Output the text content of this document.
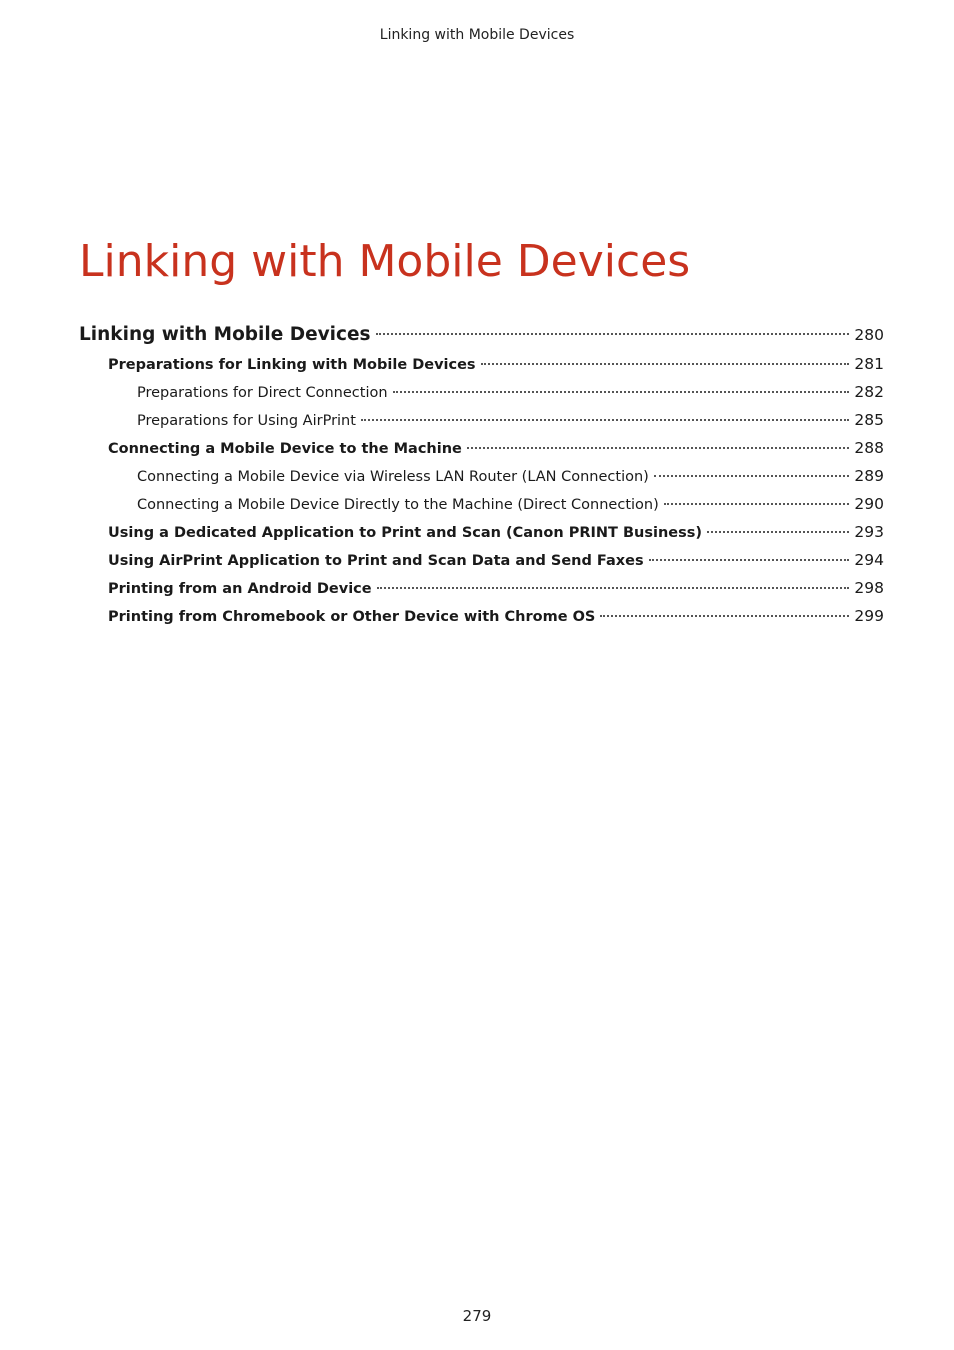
Linking with Mobile Devices
Linking with Mobile Devices
Linking with Mobile Devices	280
Preparations for Linking with Mobile Devices	281
Preparations for Direct Connection	282
Preparations for Using AirPrint	285
Connecting a Mobile Device to the Machine	288
Connecting a Mobile Device via Wireless LAN Router (LAN Connection)	289
Connecting a Mobile Device Directly to the Machine (Direct Connection)	290
Using a Dedicated Application to Print and Scan (Canon PRINT Business)	293
Using AirPrint Application to Print and Scan Data and Send Faxes	294
Printing from an Android Device	298
Printing from Chromebook or Other Device with Chrome OS	299
279
